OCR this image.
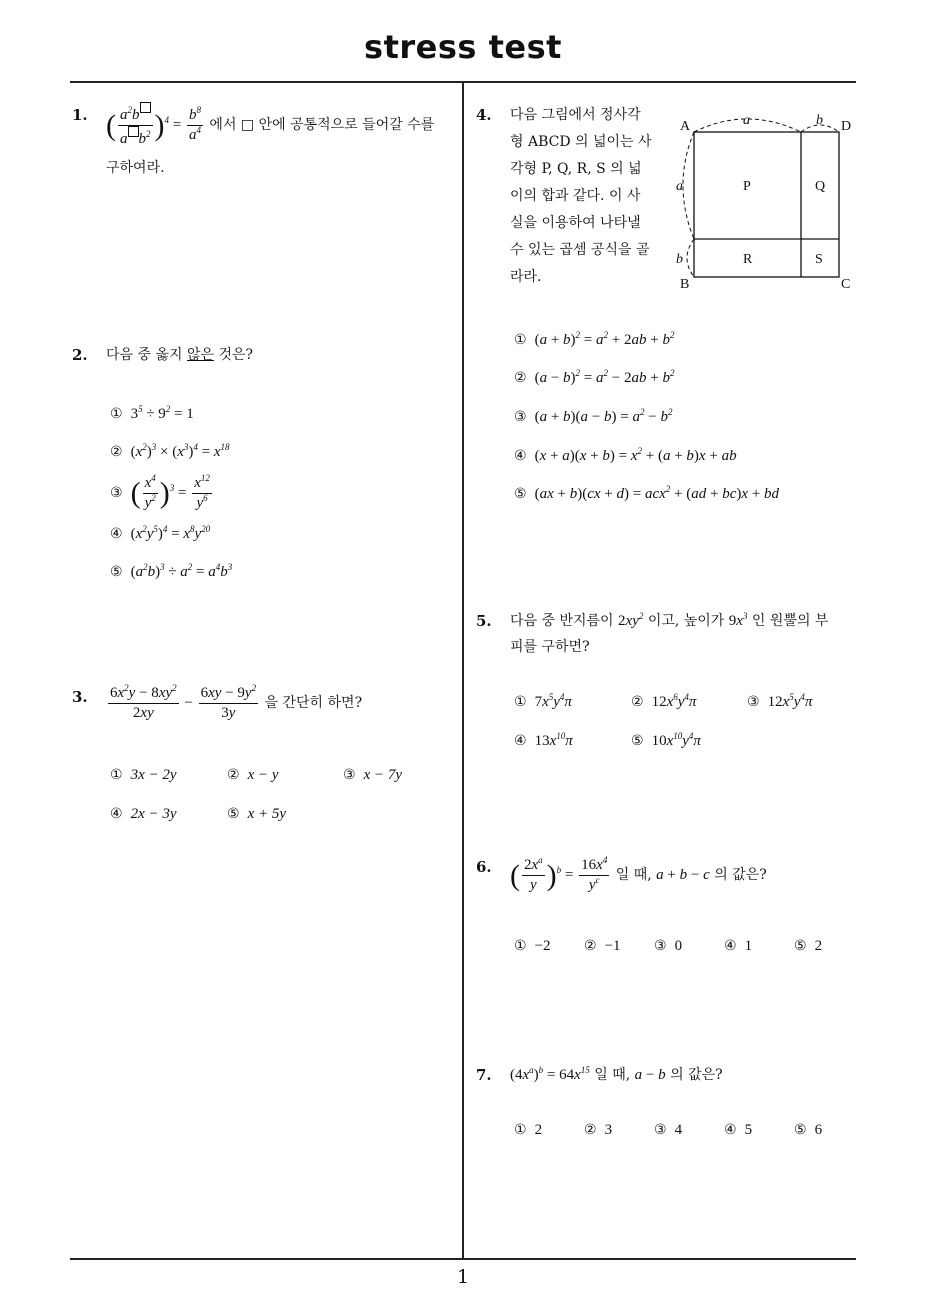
stress test
1
1. ( $\frac{a^2b}{a b^2} )^4 = \frac{b^8}{a^4}$ 에서 □ 안에 공통적으로 들어갈 수를
구하여라.
2. 다음 중 옳지 않은 것은?
① $3^5 \div 9^2 = 1$
② $(x^2)^3 \times (x^3)^4 = x^{18}$
③ ( $\frac{x^4}{y^2} )^3 = \frac{x^{12}}{y^6}$
④ $(x^2y^5)^4 = x^8y^{20}$
⑤ $(a^2b)^3 \div a^2 = a^4b^3$
3. $\frac{6x^2y - 8xy^2}{2xy} - \frac{6xy - 9y^2}{3y}$ 을 간단히 하면?
① 3x − 2y	② x − y	③ x − 7y
④ 2x − 3y	⑤ x + 5y
4. 다음 그림에서 정사각
형 ABCD 의 넓이는 사
각형 P, Q, R, S 의 넓
이의 합과 같다. 이 사
실을 이용하여 나타낼
수 있는 곱셈 공식을 골
라라.
A	D
B	C
P	Q
R	S
a	b
a
b
① $(a + b)^2 = a^2 + 2ab + b^2$
② $(a - b)^2 = a^2 - 2ab + b^2$
③ $(a + b)(a - b) = a^2 - b^2$
④ $(x + a)(x + b) = x^2 + (a + b)x$ + ab
⑤ (ax + b)(cx + d) = acx$^2$ + (ad + bc)x + bd
5. 다음 중 반지름이 $2xy^2$ 이고, 높이가 $9x^3$ 인 원뿔의 부
피를 구하면?
① $7x^5y^4\pi$	② $12x^6y^4\pi$	③ $12x^5y^4\pi$
④ $13x^{10}\pi$	⑤ $10x^{10}y^4\pi$
6. ( $\frac{2x^a}{y} )^b = \frac{16x^4}{y^c}$ 일 때, a + b − c 의 값은?
① −2 ② −1 ③ 0	④ 1	⑤ 2
7. $(4x^a)^b = 64x^{15}$ 일 때, a − b 의 값은?
① 2	② 3	③ 4	④ 5	⑤ 6
